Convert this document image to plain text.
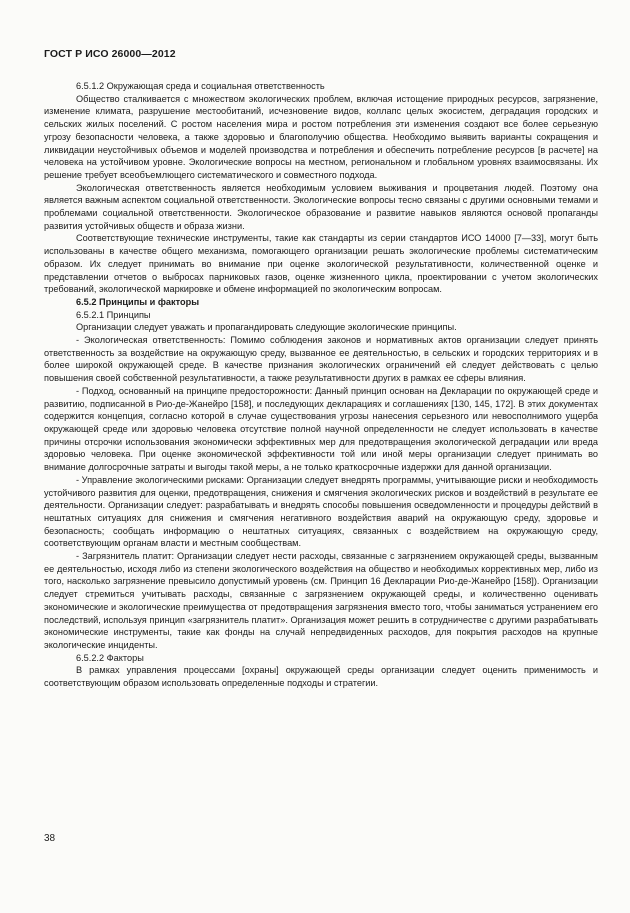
ГОСТ Р ИСО 26000—2012

6.5.1.2 Окружающая среда и социальная ответственность

Общество сталкивается с множеством экологических проблем, включая истощение природных ресурсов, загрязнение, изменение климата, разрушение местообитаний, исчезновение видов, коллапс целых экосистем, деградация городских и сельских жилых поселений. С ростом населения мира и ростом потребления эти изменения создают все более серьезную угрозу безопасности человека, а также здоровью и благополучию общества. Необходимо выявить варианты сокращения и ликвидации неустойчивых объемов и моделей производства и потребления и обеспечить потребление ресурсов [в расчете] на человека на устойчивом уровне. Экологические вопросы на местном, региональном и глобальном уровнях взаимосвязаны. Их решение требует всеобъемлющего систематического и совместного подхода.

Экологическая ответственность является необходимым условием выживания и процветания людей. Поэтому она является важным аспектом социальной ответственности. Экологические вопросы тесно связаны с другими основными темами и проблемами социальной ответственности. Экологическое образование и развитие навыков являются основой пропаганды развития устойчивых обществ и образа жизни.

Соответствующие технические инструменты, такие как стандарты из серии стандартов ИСО 14000 [7—33], могут быть использованы в качестве общего механизма, помогающего организации решать экологические проблемы систематическим образом. Их следует принимать во внимание при оценке экологической результативности, количественной оценке и представлении отчетов о выбросах парниковых газов, оценке жизненного цикла, проектировании с учетом экологических требований, экологической маркировке и обмене информацией по экологическим вопросам.

6.5.2 Принципы и факторы

6.5.2.1 Принципы

Организации следует уважать и пропагандировать следующие экологические принципы.

- Экологическая ответственность: Помимо соблюдения законов и нормативных актов организации следует принять ответственность за воздействие на окружающую среду, вызванное ее деятельностью, в сельских и городских территориях и в более широкой окружающей среде. В качестве признания экологических ограничений ей следует действовать с целью повышения своей собственной результативности, а также результативности других в рамках ее сферы влияния.

- Подход, основанный на принципе предосторожности: Данный принцип основан на Декларации по окружающей среде и развитию, подписанной в Рио-де-Жанейро [158], и последующих декларациях и соглашениях [130, 145, 172]. В этих документах содержится концепция, согласно которой в случае существования угрозы нанесения серьезного или невосполнимого ущерба окружающей среде или здоровью человека отсутствие полной научной определенности не следует использовать в качестве причины отсрочки использования экономически эффективных мер для предотвращения экологической деградации или вреда здоровью человека. При оценке экономической эффективности той или иной меры организации следует принимать во внимание долгосрочные затраты и выгоды такой меры, а не только краткосрочные издержки для данной организации.

- Управление экологическими рисками: Организации следует внедрять программы, учитывающие риски и необходимость устойчивого развития для оценки, предотвращения, снижения и смягчения экологических рисков и воздействий в результате ее деятельности. Организации следует: разрабатывать и внедрять способы повышения осведомленности и процедуры действий в нештатных ситуациях для снижения и смягчения негативного воздействия аварий на окружающую среду, здоровье и безопасность; сообщать информацию о нештатных ситуациях, связанных с воздействием на окружающую среду, соответствующим органам власти и местным сообществам.

- Загрязнитель платит: Организации следует нести расходы, связанные с загрязнением окружающей среды, вызванным ее деятельностью, исходя либо из степени экологического воздействия на общество и необходимых коррективных мер, либо из того, насколько загрязнение превысило допустимый уровень (см. Принцип 16 Декларации Рио-де-Жанейро [158]). Организации следует стремиться учитывать расходы, связанные с загрязнением окружающей среды, и количественно оценивать экономические и экологические преимущества от предотвращения загрязнения вместо того, чтобы заниматься устранением его последствий, используя принцип «загрязнитель платит». Организация может решить в сотрудничестве с другими разрабатывать экономические инструменты, такие как фонды на случай непредвиденных расходов, для покрытия расходов на крупные экологические инциденты.

6.5.2.2 Факторы

В рамках управления процессами [охраны] окружающей среды организации следует оценить применимость и соответствующим образом использовать определенные подходы и стратегии.

38
